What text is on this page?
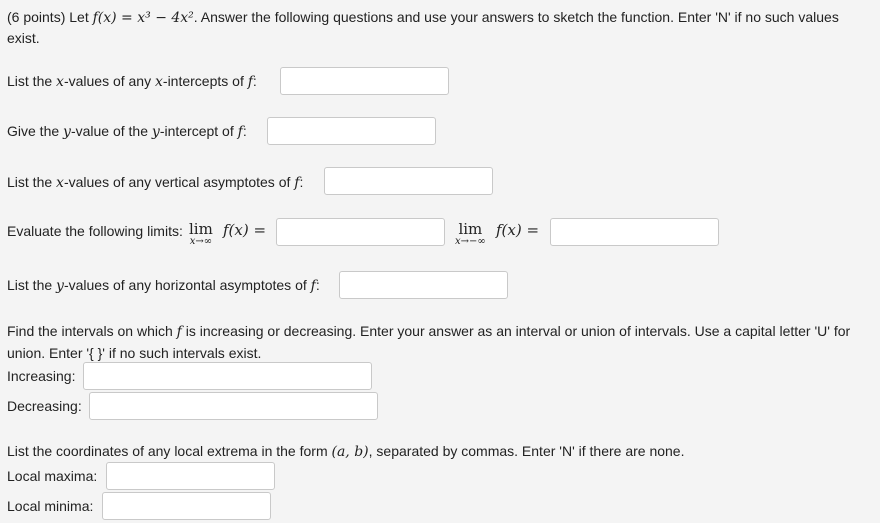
(6 points) Let f(x) = x³ − 4x². Answer the following questions and use your answers to sketch the function. Enter 'N' if no such values
exist.
List the x-values of any x-intercepts of f:
Give the y-value of the y-intercept of f:
List the x-values of any vertical asymptotes of f:
Evaluate the following limits: lim
x→∞
f(x) =	lim
x→−∞
f(x) =
List the y-values of any horizontal asymptotes of f:
Find the intervals on which f is increasing or decreasing. Enter your answer as an interval or union of intervals. Use a capital letter 'U' for union. Enter '{ }' if no such intervals exist.
Increasing:
Decreasing:
List the coordinates of any local extrema in the form (a, b), separated by commas. Enter 'N' if there are none.
Local maxima:
Local minima:
